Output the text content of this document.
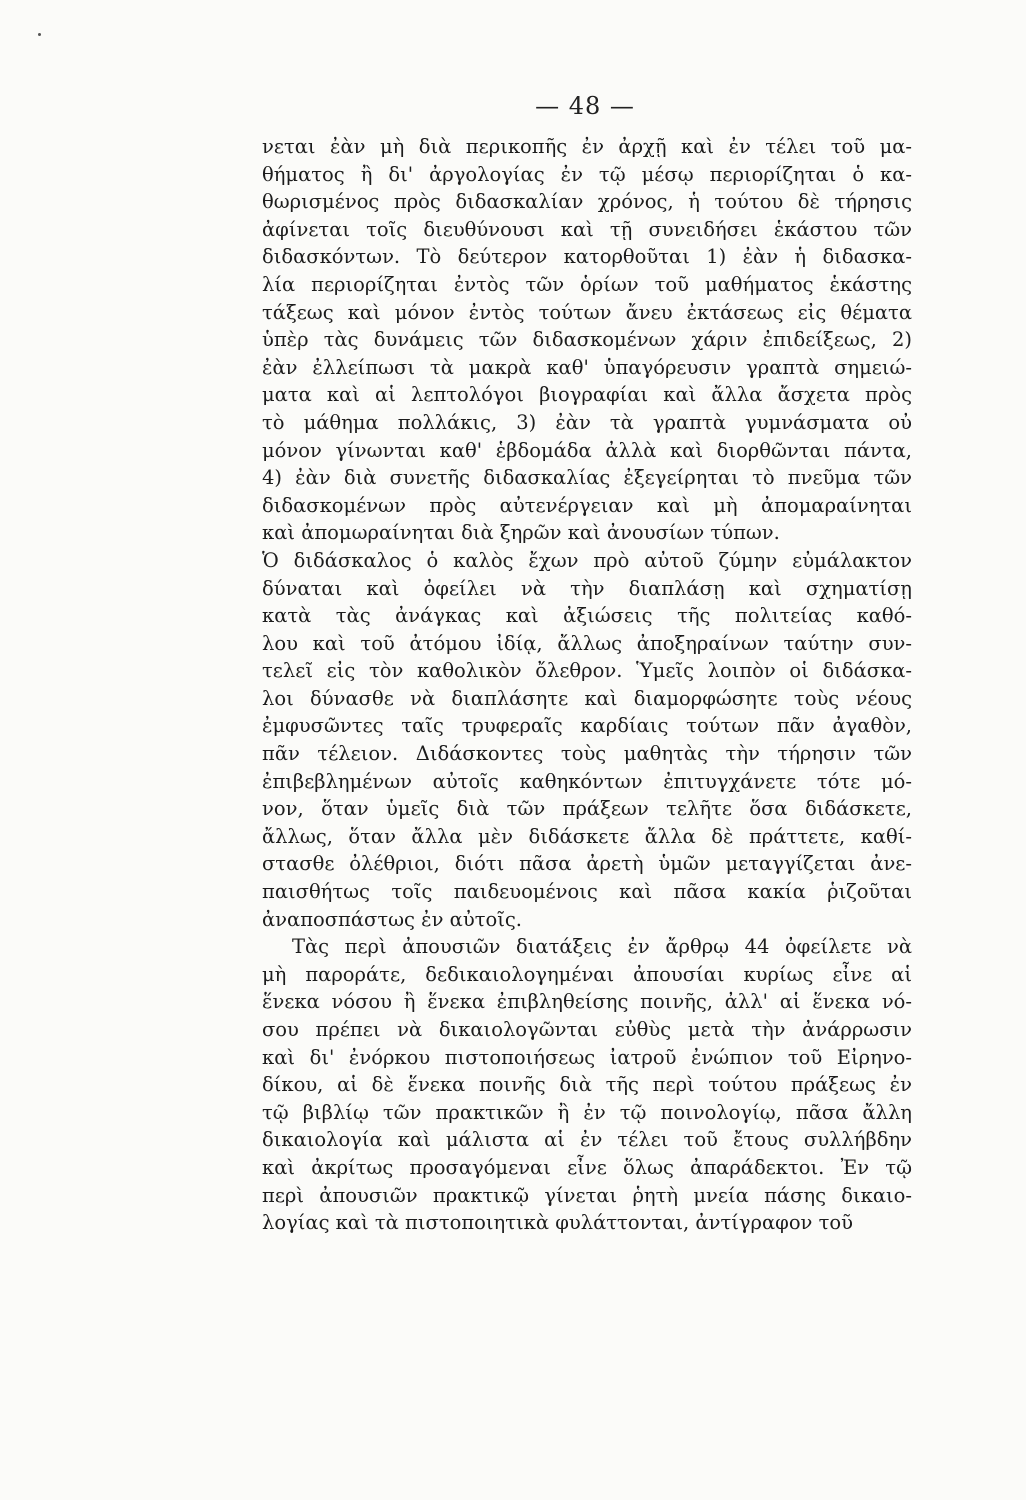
— 48 —
νεται ἐὰν μὴ διὰ περικοπῆς ἐν ἀρχῇ καὶ ἐν τέλει τοῦ μα-
θήματος ἢ δι' ἀργολογίας ἐν τῷ μέσῳ περιορίζηται ὁ κα-
θωρισμένος πρὸς διδασκαλίαν χρόνος, ἡ τούτου δὲ τήρησις
ἀφίνεται τοῖς διευθύνουσι καὶ τῇ συνειδήσει ἑκάστου τῶν
διδασκόντων. Τὸ δεύτερον κατορθοῦται 1) ἐὰν ἡ διδασκα-
λία περιορίζηται ἐντὸς τῶν ὁρίων τοῦ μαθήματος ἑκάστης
τάξεως καὶ μόνον ἐντὸς τούτων ἄνευ ἐκτάσεως εἰς θέματα
ὑπὲρ τὰς δυνάμεις τῶν διδασκομένων χάριν ἐπιδείξεως, 2)
ἐὰν ἐλλείπωσι τὰ μακρὰ καθ' ὑπαγόρευσιν γραπτὰ σημειώ-
ματα καὶ αἱ λεπτολόγοι βιογραφίαι καὶ ἄλλα ἄσχετα πρὸς
τὸ μάθημα πολλάκις, 3) ἐὰν τὰ γραπτὰ γυμνάσματα οὐ
μόνον γίνωνται καθ' ἑβδομάδα ἀλλὰ καὶ διορθῶνται πάντα,
4) ἐὰν διὰ συνετῆς διδασκαλίας ἐξεγείρηται τὸ πνεῦμα τῶν
διδασκομένων πρὸς αὐτενέργειαν καὶ μὴ ἀπομαραίνηται
καὶ ἀπομωραίνηται διὰ ξηρῶν καὶ ἀνουσίων τύπων.
Ὁ διδάσκαλος ὁ καλὸς ἔχων πρὸ αὐτοῦ ζύμην εὐμάλακτον
δύναται καὶ ὀφείλει νὰ τὴν διαπλάσῃ καὶ σχηματίσῃ
κατὰ τὰς ἀνάγκας καὶ ἀξιώσεις τῆς πολιτείας καθό-
λου καὶ τοῦ ἀτόμου ἰδίᾳ, ἄλλως ἀποξηραίνων ταύτην συν-
τελεῖ εἰς τὸν καθολικὸν ὄλεθρον. Ὑμεῖς λοιπὸν οἱ διδάσκα-
λοι δύνασθε νὰ διαπλάσητε καὶ διαμορφώσητε τοὺς νέους
ἐμφυσῶντες ταῖς τρυφεραῖς καρδίαις τούτων πᾶν ἀγαθὸν,
πᾶν τέλειον. Διδάσκοντες τοὺς μαθητὰς τὴν τήρησιν τῶν
ἐπιβεβλημένων αὐτοῖς καθηκόντων ἐπιτυγχάνετε τότε μό-
νον, ὅταν ὑμεῖς διὰ τῶν πράξεων τελῆτε ὅσα διδάσκετε,
ἄλλως, ὅταν ἄλλα μὲν διδάσκετε ἄλλα δὲ πράττετε, καθί-
στασθε ὀλέθριοι, διότι πᾶσα ἀρετὴ ὑμῶν μεταγγίζεται ἀνε-
παισθήτως τοῖς παιδευομένοις καὶ πᾶσα κακία ῥιζοῦται
ἀναποσπάστως ἐν αὐτοῖς.
Τὰς περὶ ἀπουσιῶν διατάξεις ἐν ἄρθρῳ 44 ὀφείλετε νὰ
μὴ παροράτε, δεδικαιολογημέναι ἀπουσίαι κυρίως εἶνε αἱ
ἕνεκα νόσου ἢ ἕνεκα ἐπιβληθείσης ποινῆς, ἀλλ' αἱ ἕνεκα νό-
σου πρέπει νὰ δικαιολογῶνται εὐθὺς μετὰ τὴν ἀνάρρωσιν
καὶ δι' ἐνόρκου πιστοποιήσεως ἰατροῦ ἐνώπιον τοῦ Εἰρηνο-
δίκου, αἱ δὲ ἕνεκα ποινῆς διὰ τῆς περὶ τούτου πράξεως ἐν
τῷ βιβλίῳ τῶν πρακτικῶν ἢ ἐν τῷ ποινολογίῳ, πᾶσα ἄλλη
δικαιολογία καὶ μάλιστα αἱ ἐν τέλει τοῦ ἔτους συλλήβδην
καὶ ἀκρίτως προσαγόμεναι εἶνε ὅλως ἀπαράδεκτοι. Ἐν τῷ
περὶ ἀπουσιῶν πρακτικῷ γίνεται ῥητὴ μνεία πάσης δικαιο-
λογίας καὶ τὰ πιστοποιητικὰ φυλάττονται, ἀντίγραφον τοῦ
